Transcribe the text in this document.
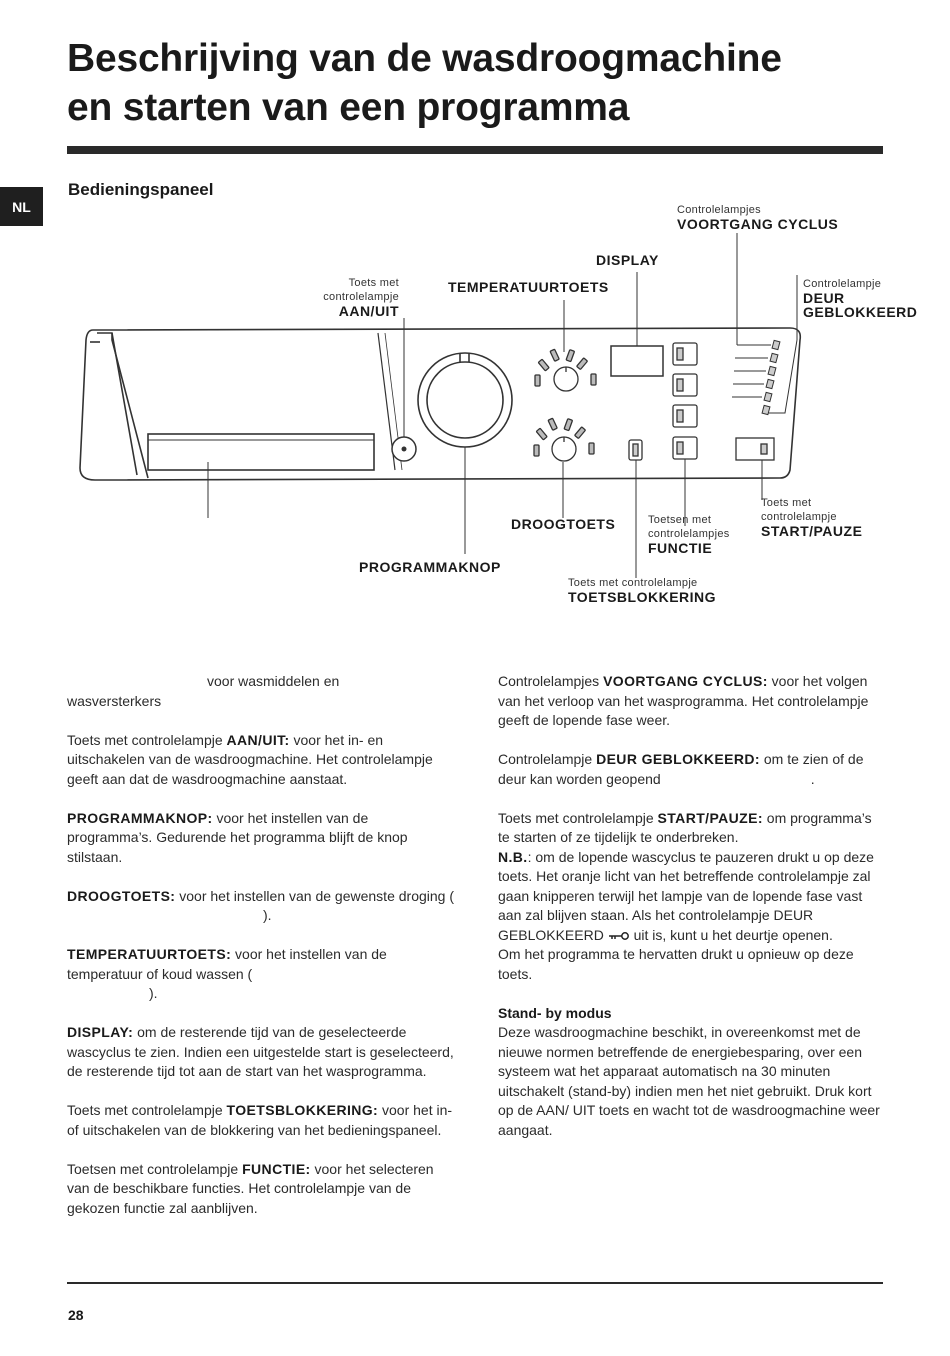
Beschrijving van de wasdroogmachine
en starten van een programma
NL
Bedieningspaneel
Controlelampjes
VOORTGANG CYCLUS
DISPLAY
TEMPERATUURTOETS
Toets met
controlelampje
AAN/UIT
Controlelampje
DEUR
GEBLOKKEERD
DROOGTOETS	Toetsen met
controlelampjes
FUNCTIE
Toets met
controlelampje
START/PAUZE
PROGRAMMAKNOP
Toets met controlelampje
TOETSBLOKKERING

voor wasmiddelen en
wasversterkers

Toets met controlelampje AAN/UIT: voor het in- en uitschakelen van de wasdroogmachine. Het controlelampje geeft aan dat de wasdroogmachine aanstaat.

PROGRAMMAKNOP: voor het instellen van de programma’s. Gedurende het programma blijft de knop stilstaan.

DROOGTOETS: voor het instellen van de gewenste droging ().

TEMPERATUURTOETS: voor het instellen van de temperatuur of koud wassen (
).

DISPLAY: om de resterende tijd van de geselecteerde wascyclus te zien. Indien een uitgestelde start is geselecteerd, de resterende tijd tot aan de start van het wasprogramma.

Toets met controlelampje TOETSBLOKKERING: voor het in- of uitschakelen van de blokkering van het bedieningspaneel.

Toetsen met controlelampje FUNCTIE: voor het selecteren van de beschikbare functies. Het controlelampje van de gekozen functie zal aanblijven.

Controlelampjes VOORTGANG CYCLUS: voor het volgen van het verloop van het wasprogramma. Het controlelampje geeft de lopende fase weer.

Controlelampje DEUR GEBLOKKEERD: om te zien of de deur kan worden geopend	.

Toets met controlelampje START/PAUZE: om programma’s te starten of ze tijdelijk te onderbreken.
N.B.: om de lopende wascyclus te pauzeren drukt u op deze toets. Het oranje licht van het betreffende controlelampje zal gaan knipperen terwijl het lampje van de lopende fase vast aan zal blijven staan. Als het controlelampje DEUR GEBLOKKEERD  uit is, kunt u het deurtje openen.
Om het programma te hervatten drukt u opnieuw op deze toets.

Stand- by modus
Deze wasdroogmachine beschikt, in overeenkomst met de nieuwe normen betreffende de energiebesparing, over een systeem wat het apparaat automatisch na 30 minuten uitschakelt (stand-by) indien men het niet gebruikt. Druk kort op de AAN/ UIT toets en wacht tot de wasdroogmachine weer aangaat.

28
